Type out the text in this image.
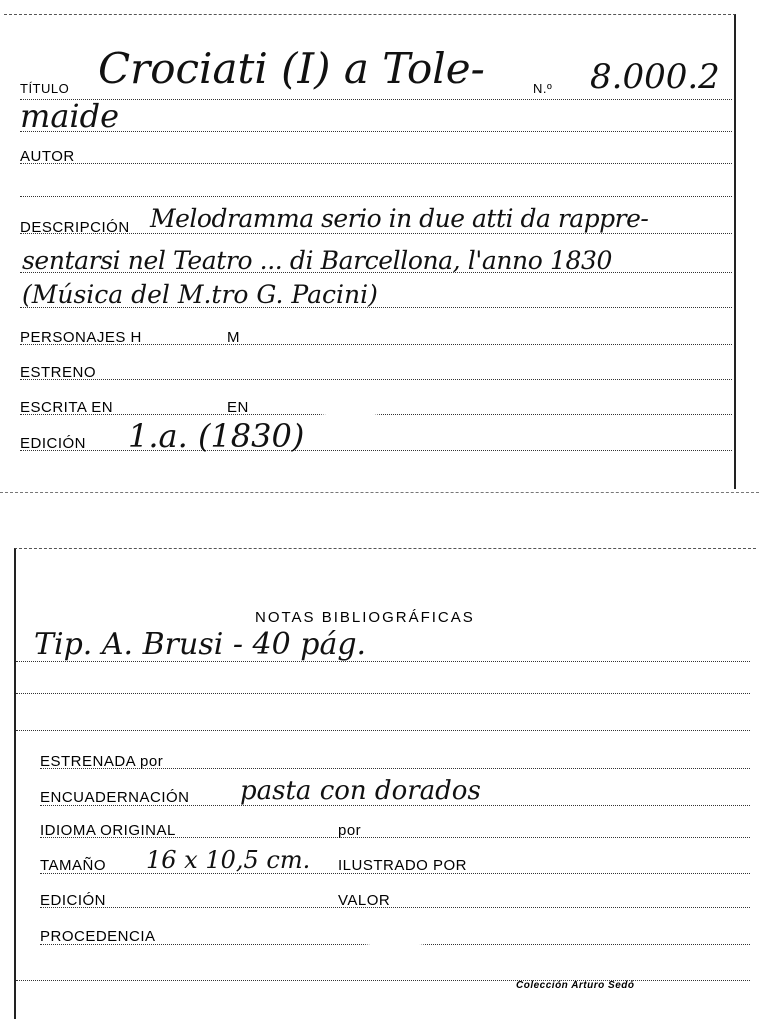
TÍTULO Crociati (I) a Tole-	N.º 8.000.2
maide
AUTOR
DESCRIPCIÓN Melodramma serio in due atti da rappre-
sentarsi nel Teatro ... di Barcellona, l'anno 1830
(Música del M.tro G. Pacini)
PERSONAJES H	M
ESTRENO
ESCRITA EN	EN
EDICIÓN 1.a. (1830)
NOTAS BIBLIOGRÁFICAS
Tip. A. Brusi - 40 pág.
ESTRENADA por
ENCUADERNACIÓN pasta con dorados
IDIOMA ORIGINAL	por
TAMAÑO 16 x 10,5 cm. ILUSTRADO POR
EDICIÓN	VALOR
PROCEDENCIA
Colección Arturo Sedó
